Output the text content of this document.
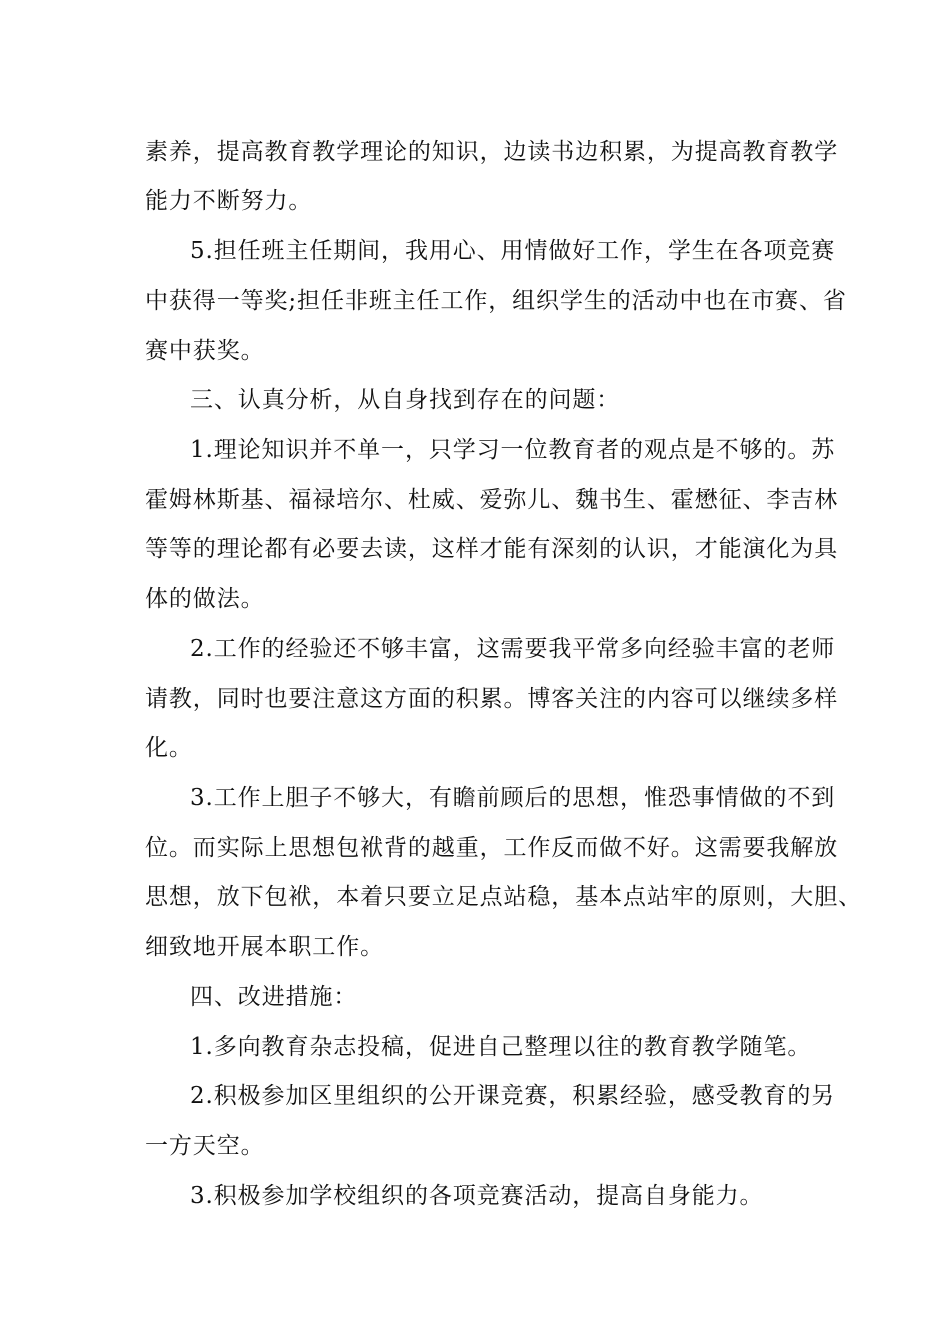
素养，提高教育教学理论的知识，边读书边积累，为提高教育教学
能力不断努力。
5.担任班主任期间，我用心、用情做好工作，学生在各项竞赛
中获得一等奖;担任非班主任工作，组织学生的活动中也在市赛、省
赛中获奖。
三、认真分析，从自身找到存在的问题：
1.理论知识并不单一，只学习一位教育者的观点是不够的。苏
霍姆林斯基、福禄培尔、杜威、爱弥儿、魏书生、霍懋征、李吉林
等等的理论都有必要去读，这样才能有深刻的认识，才能演化为具
体的做法。
2.工作的经验还不够丰富，这需要我平常多向经验丰富的老师
请教，同时也要注意这方面的积累。博客关注的内容可以继续多样
化。
3.工作上胆子不够大，有瞻前顾后的思想，惟恐事情做的不到
位。而实际上思想包袱背的越重，工作反而做不好。这需要我解放
思想，放下包袱，本着只要立足点站稳，基本点站牢的原则，大胆、
细致地开展本职工作。
四、改进措施：
1.多向教育杂志投稿，促进自己整理以往的教育教学随笔。
2.积极参加区里组织的公开课竞赛，积累经验，感受教育的另
一方天空。
3.积极参加学校组织的各项竞赛活动，提高自身能力。
